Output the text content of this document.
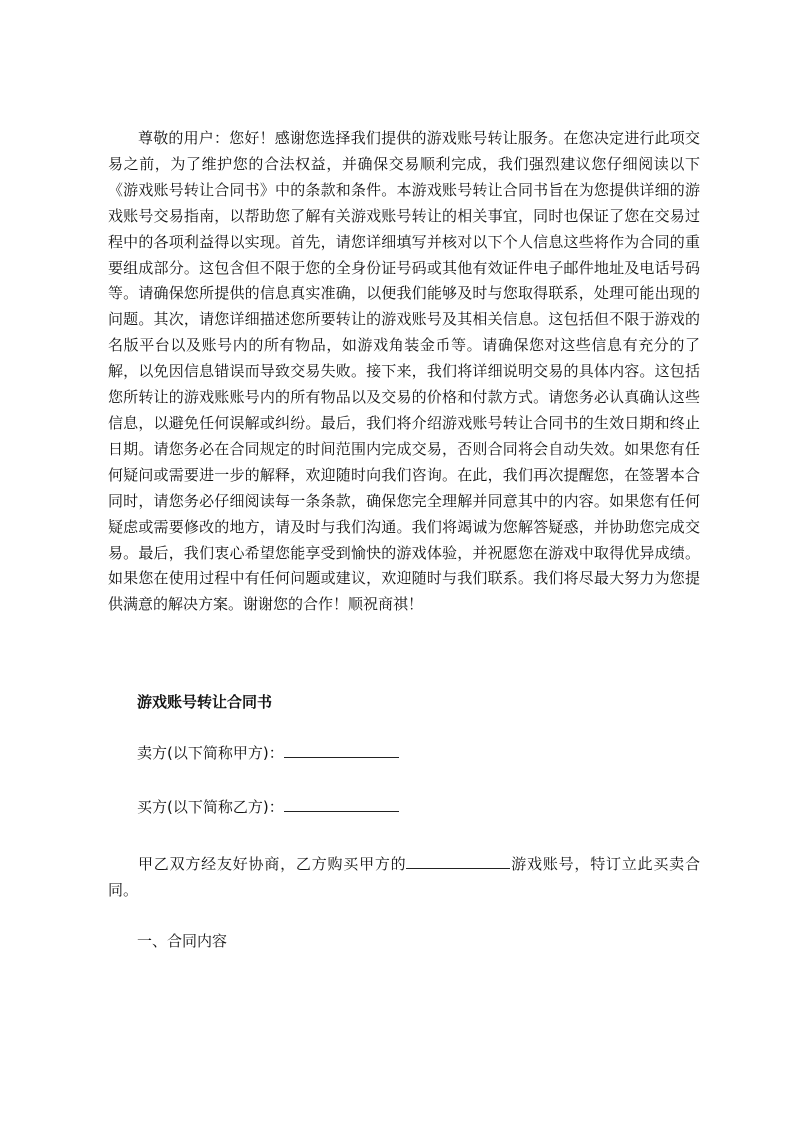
尊敬的用户：您好！感谢您选择我们提供的游戏账号转让服务。在您决定进行此项交易之前，为了维护您的合法权益，并确保交易顺利完成，我们强烈建议您仔细阅读以下《游戏账号转让合同书》中的条款和条件。本游戏账号转让合同书旨在为您提供详细的游戏账号交易指南，以帮助您了解有关游戏账号转让的相关事宜，同时也保证了您在交易过程中的各项利益得以实现。首先，请您详细填写并核对以下个人信息这些将作为合同的重要组成部分。这包含但不限于您的全身份证号码或其他有效证件电子邮件地址及电话号码等。请确保您所提供的信息真实准确，以便我们能够及时与您取得联系，处理可能出现的问题。其次，请您详细描述您所要转让的游戏账号及其相关信息。这包括但不限于游戏的名版平台以及账号内的所有物品，如游戏角装金币等。请确保您对这些信息有充分的了解，以免因信息错误而导致交易失败。接下来，我们将详细说明交易的具体内容。这包括您所转让的游戏账账号内的所有物品以及交易的价格和付款方式。请您务必认真确认这些信息，以避免任何误解或纠纷。最后，我们将介绍游戏账号转让合同书的生效日期和终止日期。请您务必在合同规定的时间范围内完成交易，否则合同将会自动失效。如果您有任何疑问或需要进一步的解释，欢迎随时向我们咨询。在此，我们再次提醒您，在签署本合同时，请您务必仔细阅读每一条条款，确保您完全理解并同意其中的内容。如果您有任何疑虑或需要修改的地方，请及时与我们沟通。我们将竭诚为您解答疑惑，并协助您完成交易。最后，我们衷心希望您能享受到愉快的游戏体验，并祝愿您在游戏中取得优异成绩。如果您在使用过程中有任何问题或建议，欢迎随时与我们联系。我们将尽最大努力为您提供满意的解决方案。谢谢您的合作！顺祝商祺！

游戏账号转让合同书

卖方(以下简称甲方)：

买方(以下简称乙方)：

甲乙双方经友好协商，乙方购买甲方的	游戏账号，特订立此买卖合同。

一、合同内容
